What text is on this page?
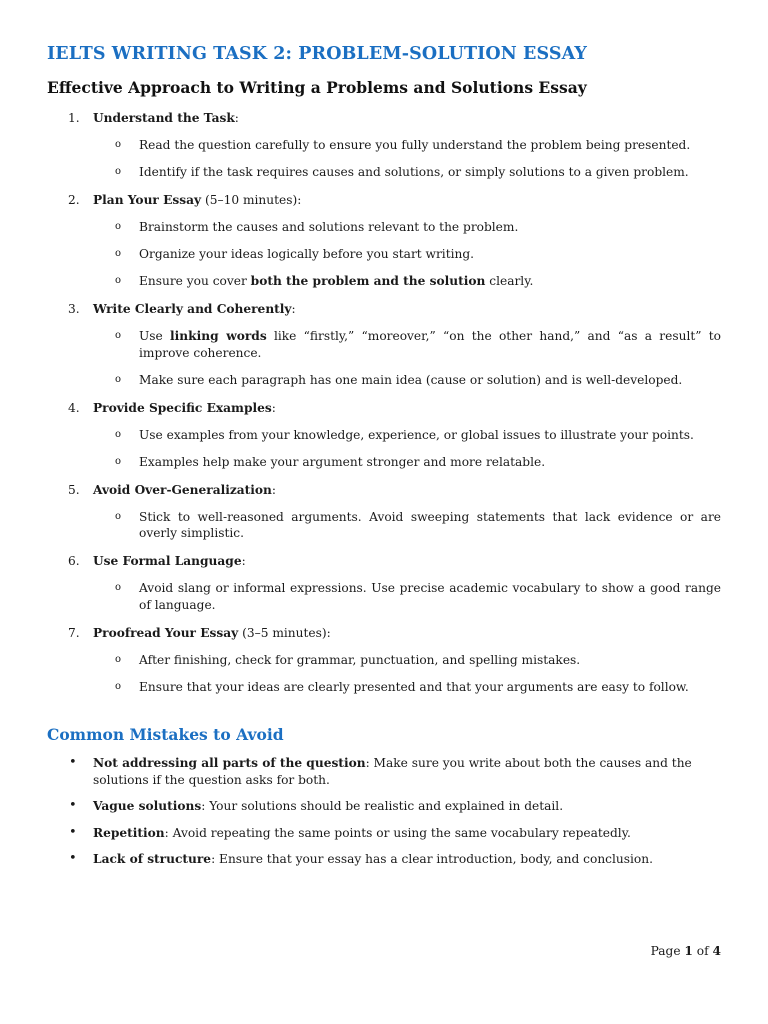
IELTS WRITING TASK 2: PROBLEM-SOLUTION ESSAY
Effective Approach to Writing a Problems and Solutions Essay
1. Understand the Task:
o Read the question carefully to ensure you fully understand the problem being presented.
o Identify if the task requires causes and solutions, or simply solutions to a given problem.
2. Plan Your Essay (5–10 minutes):
o Brainstorm the causes and solutions relevant to the problem.
o Organize your ideas logically before you start writing.
o Ensure you cover both the problem and the solution clearly.
3. Write Clearly and Coherently:
o Use linking words like “firstly,” “moreover,” “on the other hand,” and “as a result” to improve coherence.
o Make sure each paragraph has one main idea (cause or solution) and is well-developed.
4. Provide Specific Examples:
o Use examples from your knowledge, experience, or global issues to illustrate your points.
o Examples help make your argument stronger and more relatable.
5. Avoid Over-Generalization:
o Stick to well-reasoned arguments. Avoid sweeping statements that lack evidence or are overly simplistic.
6. Use Formal Language:
o Avoid slang or informal expressions. Use precise academic vocabulary to show a good range of language.
7. Proofread Your Essay (3–5 minutes):
o After finishing, check for grammar, punctuation, and spelling mistakes.
o Ensure that your ideas are clearly presented and that your arguments are easy to follow.
Common Mistakes to Avoid
• Not addressing all parts of the question: Make sure you write about both the causes and the solutions if the question asks for both.
• Vague solutions: Your solutions should be realistic and explained in detail.
• Repetition: Avoid repeating the same points or using the same vocabulary repeatedly.
• Lack of structure: Ensure that your essay has a clear introduction, body, and conclusion.
Page 1 of 4
